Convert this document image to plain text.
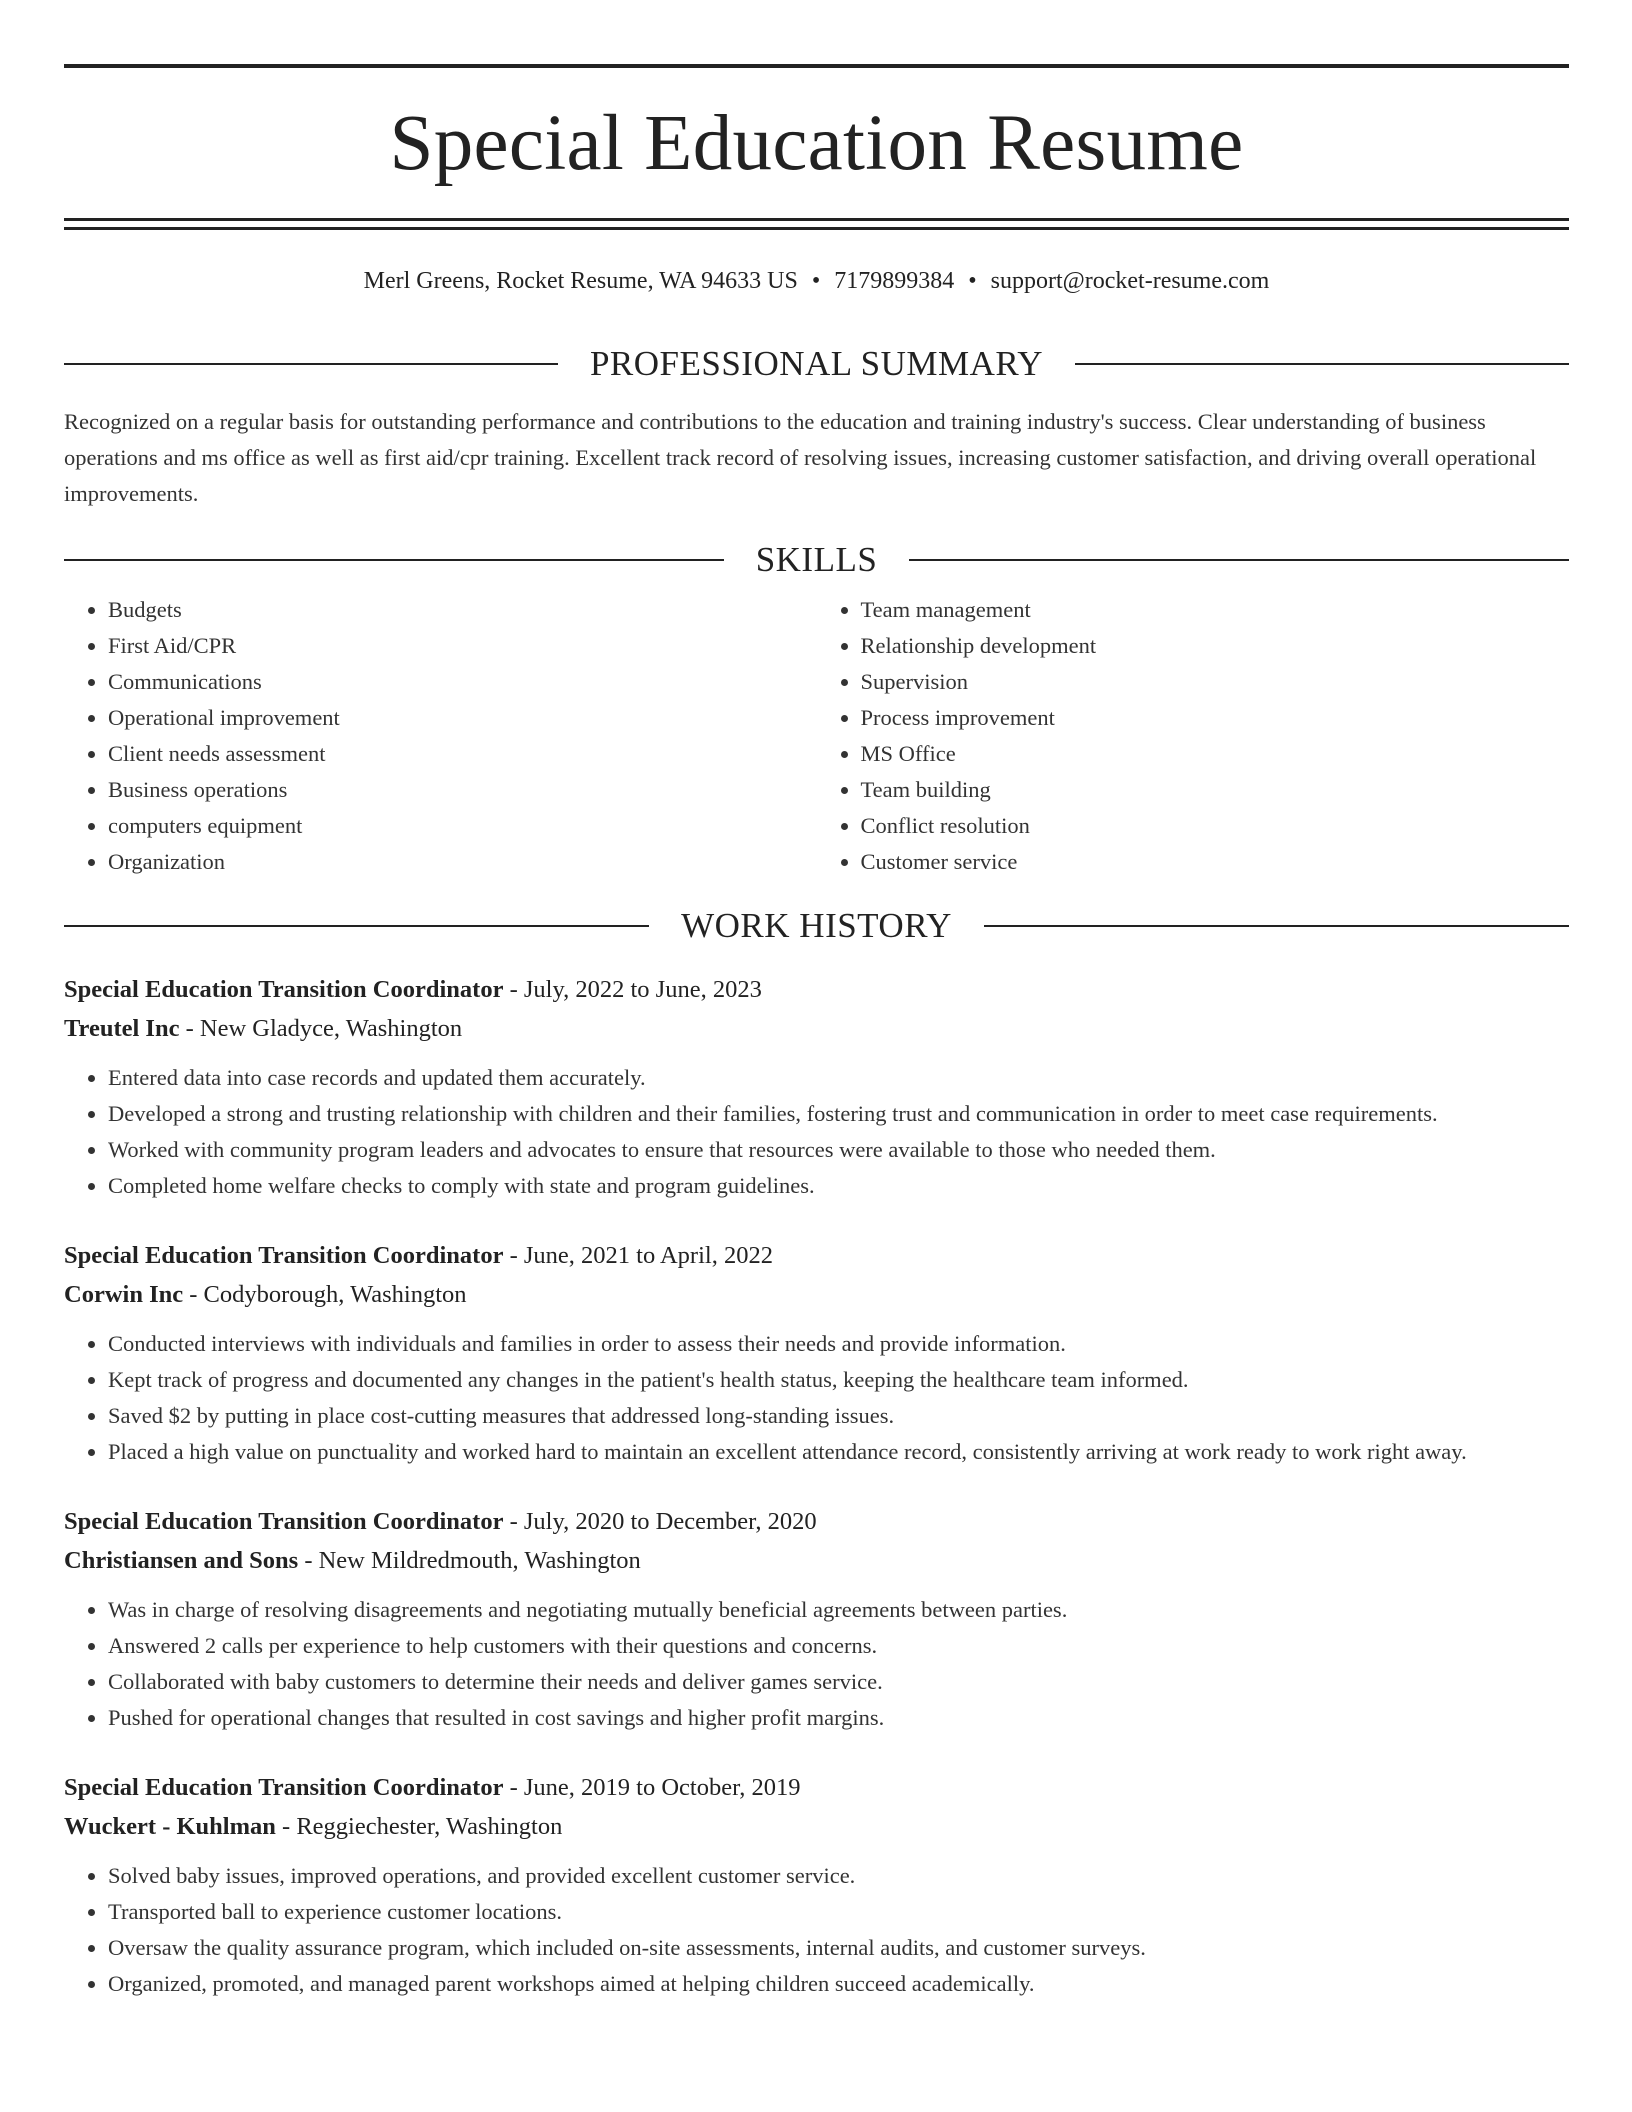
Special Education Resume
Merl Greens, Rocket Resume, WA 94633 US • 7179899384 • support@rocket-resume.com
PROFESSIONAL SUMMARY
Recognized on a regular basis for outstanding performance and contributions to the education and training industry's success. Clear understanding of business operations and ms office as well as first aid/cpr training. Excellent track record of resolving issues, increasing customer satisfaction, and driving overall operational improvements.
SKILLS
• Budgets
• First Aid/CPR
• Communications
• Operational improvement
• Client needs assessment
• Business operations
• computers equipment
• Organization
• Team management
• Relationship development
• Supervision
• Process improvement
• MS Office
• Team building
• Conflict resolution
• Customer service
WORK HISTORY
Special Education Transition Coordinator - July, 2022 to June, 2023
Treutel Inc - New Gladyce, Washington
• Entered data into case records and updated them accurately.
• Developed a strong and trusting relationship with children and their families, fostering trust and communication in order to meet case requirements.
• Worked with community program leaders and advocates to ensure that resources were available to those who needed them.
• Completed home welfare checks to comply with state and program guidelines.
Special Education Transition Coordinator - June, 2021 to April, 2022
Corwin Inc - Codyborough, Washington
• Conducted interviews with individuals and families in order to assess their needs and provide information.
• Kept track of progress and documented any changes in the patient's health status, keeping the healthcare team informed.
• Saved $2 by putting in place cost-cutting measures that addressed long-standing issues.
• Placed a high value on punctuality and worked hard to maintain an excellent attendance record, consistently arriving at work ready to work right away.
Special Education Transition Coordinator - July, 2020 to December, 2020
Christiansen and Sons - New Mildredmouth, Washington
• Was in charge of resolving disagreements and negotiating mutually beneficial agreements between parties.
• Answered 2 calls per experience to help customers with their questions and concerns.
• Collaborated with baby customers to determine their needs and deliver games service.
• Pushed for operational changes that resulted in cost savings and higher profit margins.
Special Education Transition Coordinator - June, 2019 to October, 2019
Wuckert - Kuhlman - Reggiechester, Washington
• Solved baby issues, improved operations, and provided excellent customer service.
• Transported ball to experience customer locations.
• Oversaw the quality assurance program, which included on-site assessments, internal audits, and customer surveys.
• Organized, promoted, and managed parent workshops aimed at helping children succeed academically.
